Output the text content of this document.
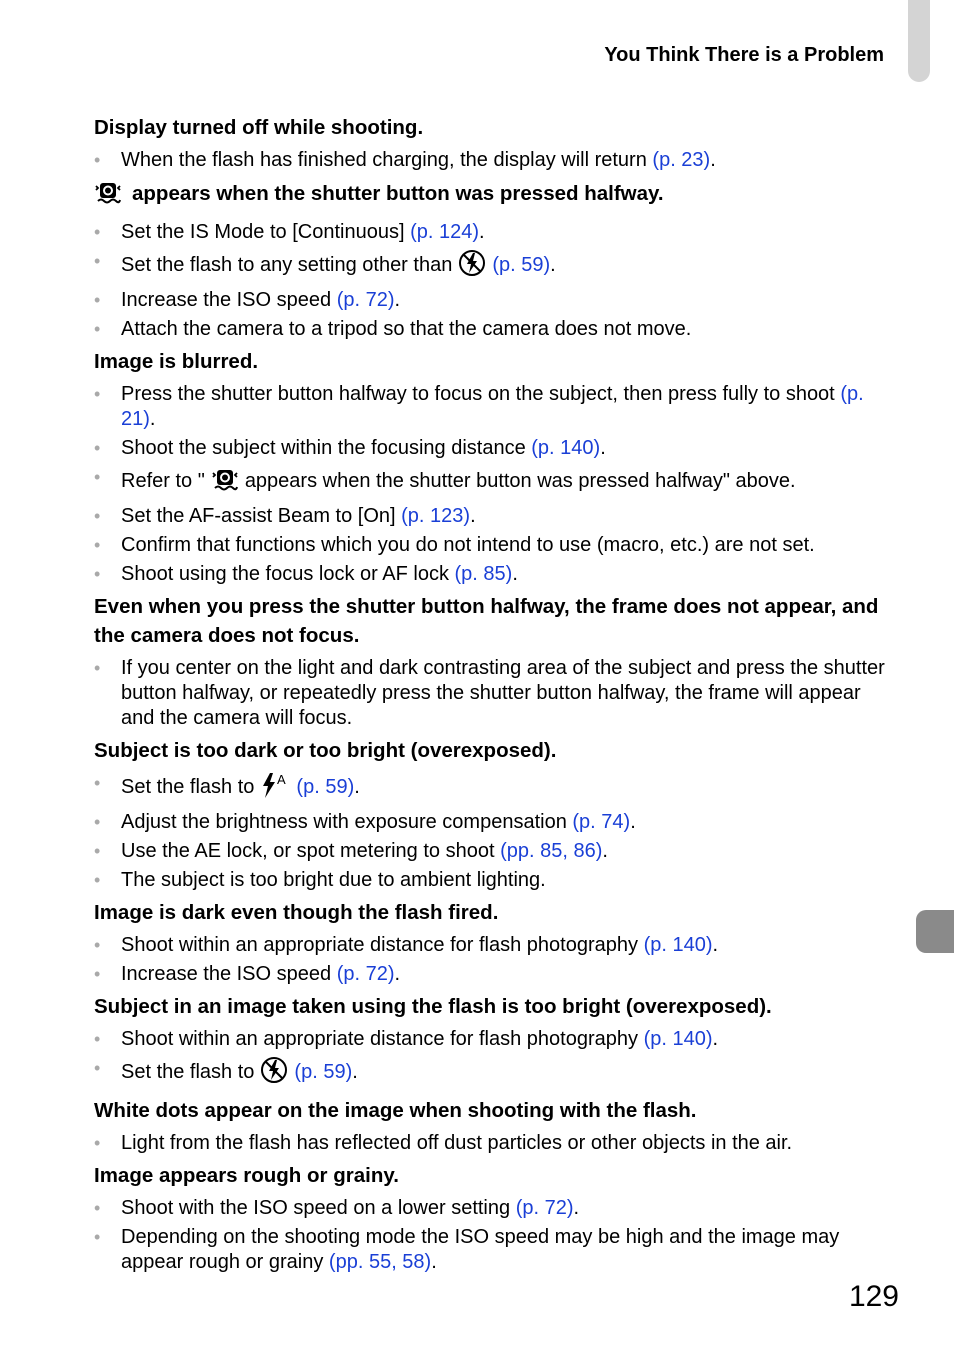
You Think There is a Problem
Display turned off while shooting.
• When the flash has finished charging, the display will return (p. 23).
appears when the shutter button was pressed halfway.
• Set the IS Mode to [Continuous] (p. 124).
• Set the flash to any setting other than (p. 59).
• Increase the ISO speed (p. 72).
• Attach the camera to a tripod so that the camera does not move.
Image is blurred.
• Press the shutter button halfway to focus on the subject, then press fully to shoot (p. 21).
• Shoot the subject within the focusing distance (p. 140).
• Refer to " appears when the shutter button was pressed halfway" above.
• Set the AF-assist Beam to [On] (p. 123).
• Confirm that functions which you do not intend to use (macro, etc.) are not set.
• Shoot using the focus lock or AF lock (p. 85).
Even when you press the shutter button halfway, the frame does not appear, and the camera does not focus.
• If you center on the light and dark contrasting area of the subject and press the shutter button halfway, or repeatedly press the shutter button halfway, the frame will appear and the camera will focus.
Subject is too dark or too bright (overexposed).
• Set the flash to A (p. 59).
• Adjust the brightness with exposure compensation (p. 74).
• Use the AE lock, or spot metering to shoot (pp. 85, 86).
• The subject is too bright due to ambient lighting.
Image is dark even though the flash fired.
• Shoot within an appropriate distance for flash photography (p. 140).
• Increase the ISO speed (p. 72).
Subject in an image taken using the flash is too bright (overexposed).
• Shoot within an appropriate distance for flash photography (p. 140).
• Set the flash to (p. 59).
White dots appear on the image when shooting with the flash.
• Light from the flash has reflected off dust particles or other objects in the air.
Image appears rough or grainy.
• Shoot with the ISO speed on a lower setting (p. 72).
• Depending on the shooting mode the ISO speed may be high and the image may appear rough or grainy (pp. 55, 58).
129
